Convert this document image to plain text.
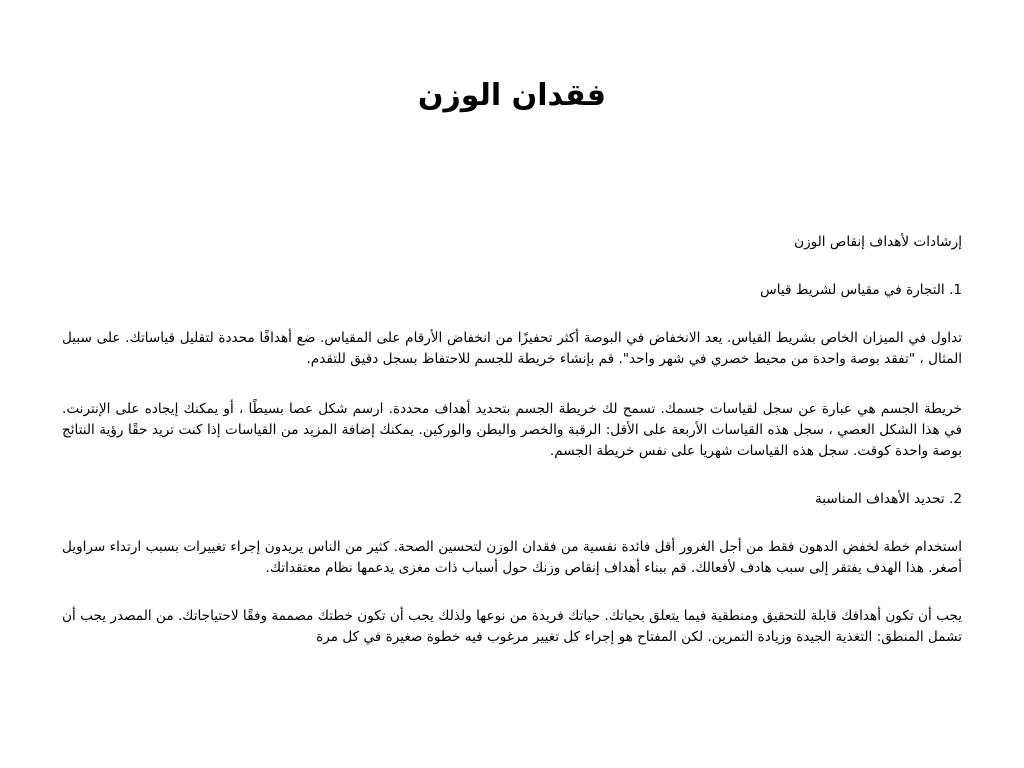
فقدان الوزن

إرشادات لأهداف إنقاص الوزن

1. التجارة في مقياس لشريط قياس

تداول في الميزان الخاص بشريط القياس. يعد الانخفاض في البوصة أكثر تحفيزًا من انخفاض الأرقام على المقياس. ضع أهدافًا محددة لتقليل قياساتك. على سبيل المثال ، "تفقد بوصة واحدة من محيط خصري في شهر واحد". قم بإنشاء خريطة للجسم للاحتفاظ بسجل دقيق للتقدم.

خريطة الجسم هي عبارة عن سجل لقياسات جسمك. تسمح لك خريطة الجسم بتحديد أهداف محددة. ارسم شكل عصا بسيطًا ، أو يمكنك إيجاده على الإنترنت. في هذا الشكل العصي ، سجل هذه القياسات الأربعة على الأقل: الرقبة والخصر والبطن والوركين. يمكنك إضافة المزيد من القياسات إذا كنت تريد حقًا رؤية النتائج بوصة واحدة كوقت. سجل هذه القياسات شهريا على نفس خريطة الجسم.

2. تحديد الأهداف المناسبة

استخدام خطة لخفض الدهون فقط من أجل الغرور أقل فائدة نفسية من فقدان الوزن لتحسين الصحة. كثير من الناس يريدون إجراء تغييرات بسبب ارتداء سراويل أصغر. هذا الهدف يفتقر إلى سبب هادف لأفعالك. قم ببناء أهداف إنقاص وزنك حول أسباب ذات مغزى يدعمها نظام معتقداتك.

يجب أن تكون أهدافك قابلة للتحقيق ومنطقية فيما يتعلق بحياتك. حياتك فريدة من نوعها ولذلك يجب أن تكون خطتك مصممة وفقًا لاحتياجاتك. من المصدر يجب أن تشمل المنطق: التغذية الجيدة وزيادة التمرين. لكن المفتاح هو إجراء كل تغيير مرغوب فيه خطوة صغيرة في كل مرة
